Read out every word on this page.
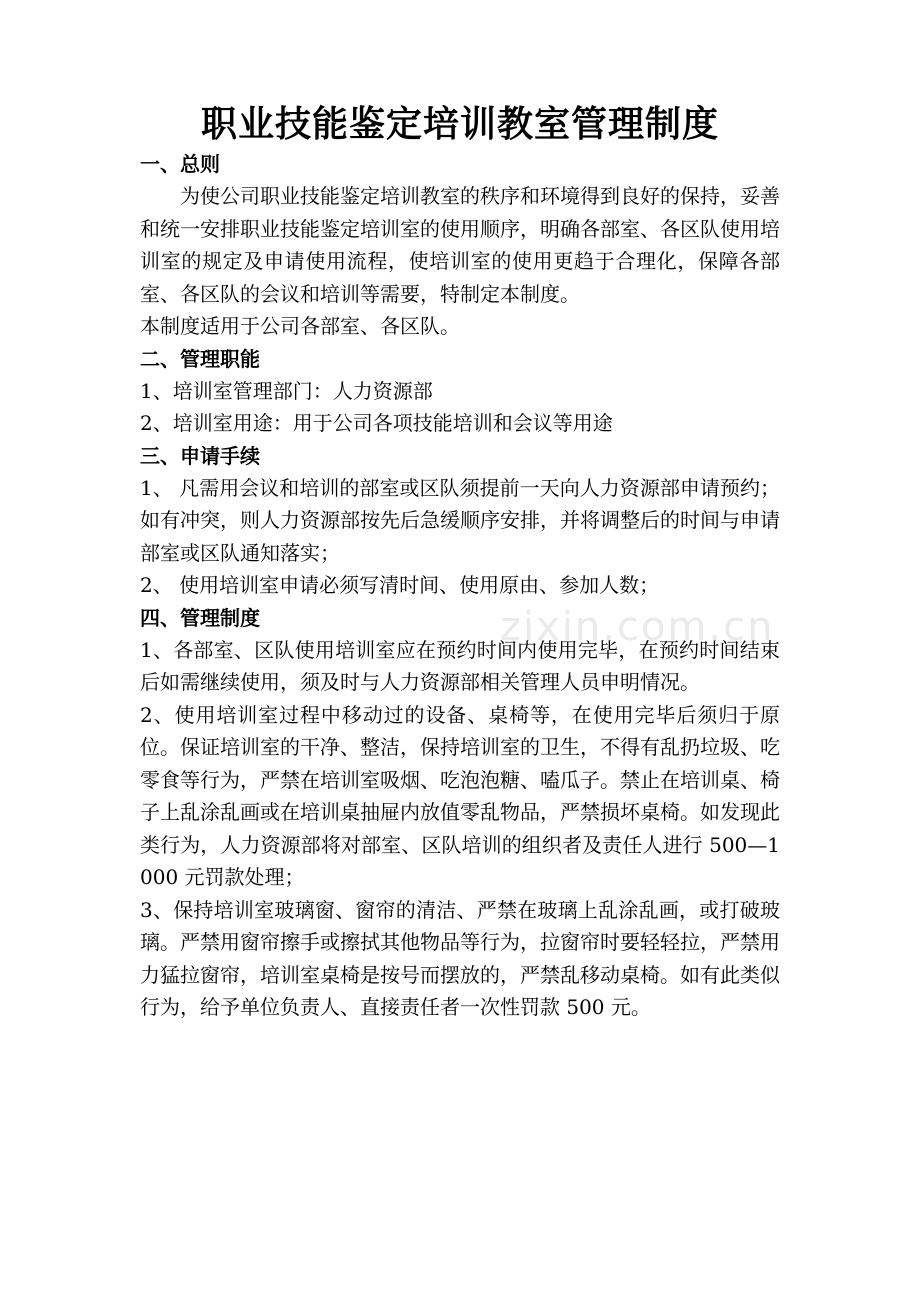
职业技能鉴定培训教室管理制度
一、总则

为使公司职业技能鉴定培训教室的秩序和环境得到良好的保持，妥善和统一安排职业技能鉴定培训室的使用顺序，明确各部室、各区队使用培训室的规定及申请使用流程，使培训室的使用更趋于合理化，保障各部室、各区队的会议和培训等需要，特制定本制度。

本制度适用于公司各部室、各区队。

二、管理职能

1、培训室管理部门：人力资源部

2、培训室用途：用于公司各项技能培训和会议等用途

三、申请手续

1、 凡需用会议和培训的部室或区队须提前一天向人力资源部申请预约；如有冲突，则人力资源部按先后急缓顺序安排，并将调整后的时间与申请部室或区队通知落实；

2、 使用培训室申请必须写清时间、使用原由、参加人数；

四、管理制度

1、各部室、区队使用培训室应在预约时间内使用完毕，在预约时间结束后如需继续使用，须及时与人力资源部相关管理人员申明情况。

2、使用培训室过程中移动过的设备、桌椅等，在使用完毕后须归于原位。保证培训室的干净、整洁，保持培训室的卫生，不得有乱扔垃圾、吃零食等行为，严禁在培训室吸烟、吃泡泡糖、嗑瓜子。禁止在培训桌、椅子上乱涂乱画或在培训桌抽屉内放值零乱物品，严禁损坏桌椅。如发现此类行为，人力资源部将对部室、区队培训的组织者及责任人进行 500—1000 元罚款处理；

3、保持培训室玻璃窗、窗帘的清洁、严禁在玻璃上乱涂乱画，或打破玻璃。严禁用窗帘擦手或擦拭其他物品等行为，拉窗帘时要轻轻拉，严禁用力猛拉窗帘，培训室桌椅是按号而摆放的，严禁乱移动桌椅。如有此类似行为，给予单位负责人、直接责任者一次性罚款 500 元。

zixin.com.cn
